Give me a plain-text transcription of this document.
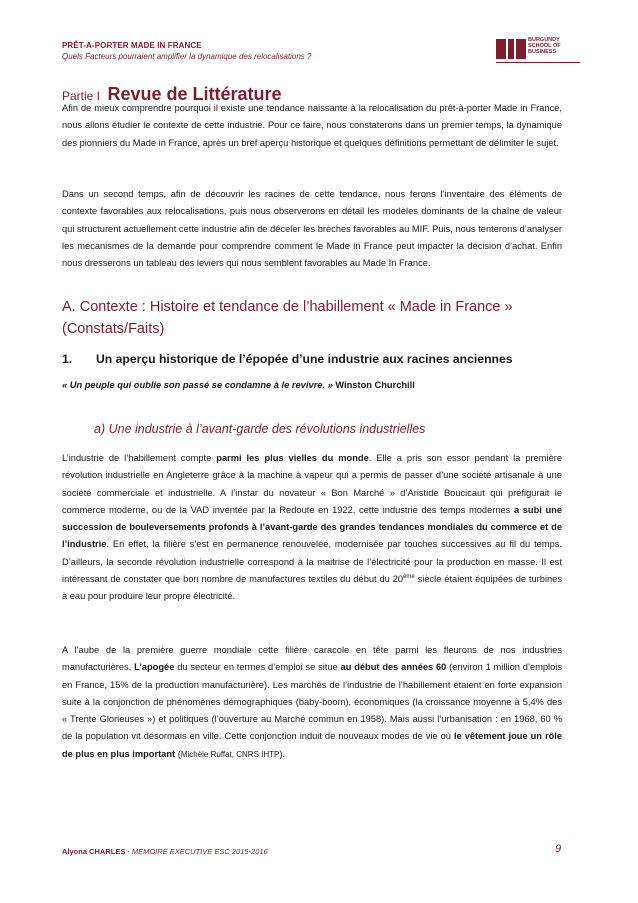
PRÊT-A-PORTER MADE IN FRANCE
Quels Facteurs pourraient amplifier la dynamique des relocalisations ?
BURGUNDY SCHOOL OF BUSINESS
Partie I Revue de Littérature

Afin de mieux comprendre pourquoi il existe une tendance naissante à la relocalisation du prêt-à-porter Made in France, nous allons étudier le contexte de cette industrie. Pour ce faire, nous constaterons dans un premier temps, la dynamique des pionniers du Made in France, après un bref aperçu historique et quelques définitions permettant de délimiter le sujet.

Dans un second temps, afin de découvrir les racines de cette tendance, nous ferons l’inventaire des éléments de contexte favorables aux relocalisations, puis nous observerons en détail les modèles dominants de la chaîne de valeur qui structurent actuellement cette industrie afin de déceler les brèches favorables au MIF. Puis, nous tenterons d’analyser les mécanismes de la demande pour comprendre comment le Made in France peut impacter la décision d’achat. Enfin nous dresserons un tableau des leviers qui nous semblent favorables au Made In France.

A. Contexte : Histoire et tendance de l’habillement « Made in France » (Constats/Faits)
1. Un aperçu historique de l’épopée d’une industrie aux racines anciennes
« Un peuple qui oublie son passé se condamne à le revivre. » Winston Churchill
a) Une industrie à l’avant-garde des révolutions industrielles

L’industrie de l’habillement compte parmi les plus vielles du monde. Elle a pris son essor pendant la première révolution industrielle en Angleterre grâce à la machine à vapeur qui a permis de passer d’une société artisanale à une société commerciale et industrielle. A l’instar du novateur « Bon Marché » d’Aristide Boucicaut qui préfigurait le commerce moderne, ou de la VAD inventée par la Redoute en 1922, cette industrie des temps modernes a subi une succession de bouleversements profonds à l’avant-garde des grandes tendances mondiales du commerce et de l’industrie. En effet, la filière s’est en permanence renouvelée, modernisée par touches successives au fil du temps. D’ailleurs, la seconde révolution industrielle correspond à la maitrise de l’électricité pour la production en masse. Il est intéressant de constater que bon nombre de manufactures textiles du début du 20ème siècle étaient équipées de turbines à eau pour produire leur propre électricité.

A l’aube de la première guerre mondiale cette filière caracole en tête parmi les fleurons de nos industries manufacturières. L’apogée du secteur en termes d’emploi se situe au début des années 60 (environ 1 million d’emplois en France, 15% de la production manufacturière). Les marchés de l’industrie de l’habillement étaient en forte expansion suite à la conjonction de phénomènes démographiques (baby-boom), économiques (la croissance moyenne à 5,4% des « Trente Glorieuses ») et politiques (l’ouverture au Marché commun en 1958). Mais aussi l’urbanisation : en 1968, 60 % de la population vit désormais en ville. Cette conjonction induit de nouveaux modes de vie où le vêtement joue un rôle de plus en plus important (Michèle Ruffat, CNRS IHTP).

Alyona CHARLES - MEMOIRE EXECUTIVE ESC 2015-2016	9
